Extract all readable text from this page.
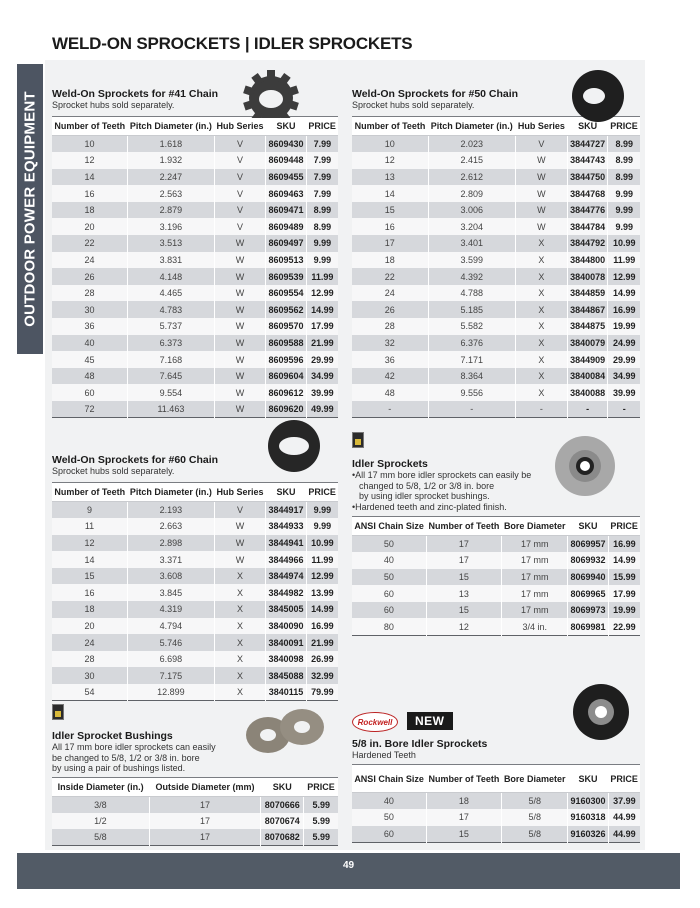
WELD-ON SPROCKETS | IDLER SPROCKETS
OUTDOOR POWER EQUIPMENT Weld-On Sprockets for #41 Chain
Sprocket hubs sold separately.
Number of Teeth	Pitch Diameter (in.)	Hub Series	SKU	PRICE
10	1.618	V	8609430	7.99
12	1.932	V	8609448	7.99
14	2.247	V	8609455	7.99
16	2.563	V	8609463	7.99
18	2.879	V	8609471	8.99
20	3.196	V	8609489	8.99
22	3.513	W	8609497	9.99
24	3.831	W	8609513	9.99
26	4.148	W	8609539	11.99
28	4.465	W	8609554	12.99
30	4.783	W	8609562	14.99
36	5.737	W	8609570	17.99
40	6.373	W	8609588	21.99
45	7.168	W	8609596	29.99
48	7.645	W	8609604	34.99
60	9.554	W	8609612	39.99
72	11.463	W	8609620	49.99
Weld-On Sprockets for #50 Chain
Sprocket hubs sold separately.
Number of Teeth	Pitch Diameter (in.)	Hub Series	SKU	PRICE
10	2.023	V	3844727	8.99
12	2.415	W	3844743	8.99
13	2.612	W	3844750	8.99
14	2.809	W	3844768	9.99
15	3.006	W	3844776	9.99
16	3.204	W	3844784	9.99
17	3.401	X	3844792	10.99
18	3.599	X	3844800	11.99
22	4.392	X	3840078	12.99
24	4.788	X	3844859	14.99
26	5.185	X	3844867	16.99
28	5.582	X	3844875	19.99
32	6.376	X	3840079	24.99
36	7.171	X	3844909	29.99
42	8.364	X	3840084	34.99
48	9.556	X	3840088	39.99
-	-	-	-	-
Weld-On Sprockets for #60 Chain
Sprocket hubs sold separately.
Number of Teeth	Pitch Diameter (in.)	Hub Series	SKU	PRICE
9	2.193	V	3844917	9.99
11	2.663	W	3844933	9.99
12	2.898	W	3844941	10.99
14	3.371	W	3844966	11.99
15	3.608	X	3844974	12.99
16	3.845	X	3844982	13.99
18	4.319	X	3845005	14.99
20	4.794	X	3840090	16.99
24	5.746	X	3840091	21.99
28	6.698	X	3840098	26.99
30	7.175	X	3845088	32.99
54	12.899	X	3840115	79.99
Idler Sprockets
•All 17 mm bore idler sprockets can easily be
changed to 5/8, 1/2 or 3/8 in. bore
by using idler sprocket bushings.
•Hardened teeth and zinc-plated finish.
ANSI Chain Size	Number of Teeth	Bore Diameter	SKU	PRICE
50	17	17 mm	8069957	16.99
40	17	17 mm	8069932	14.99
50	15	17 mm	8069940	15.99
60	13	17 mm	8069965	17.99
60	15	17 mm	8069973	19.99
80	12	3/4 in.	8069981	22.99
Idler Sprocket Bushings
All 17 mm bore idler sprockets can easily
be changed to 5/8, 1/2 or 3/8 in. bore
by using a pair of bushings listed.
Inside Diameter (in.)	Outside Diameter (mm)	SKU	PRICE
3/8	17	8070666	5.99
1/2	17	8070674	5.99
5/8	17	8070682	5.99
Rockwell	NEW
5/8 in. Bore Idler Sprockets
Hardened Teeth
ANSI Chain Size	Number of Teeth	Bore Diameter	SKU	PRICE
40	18	5/8	9160300	37.99
50	17	5/8	9160318	44.99
60	15	5/8	9160326	44.99
49
